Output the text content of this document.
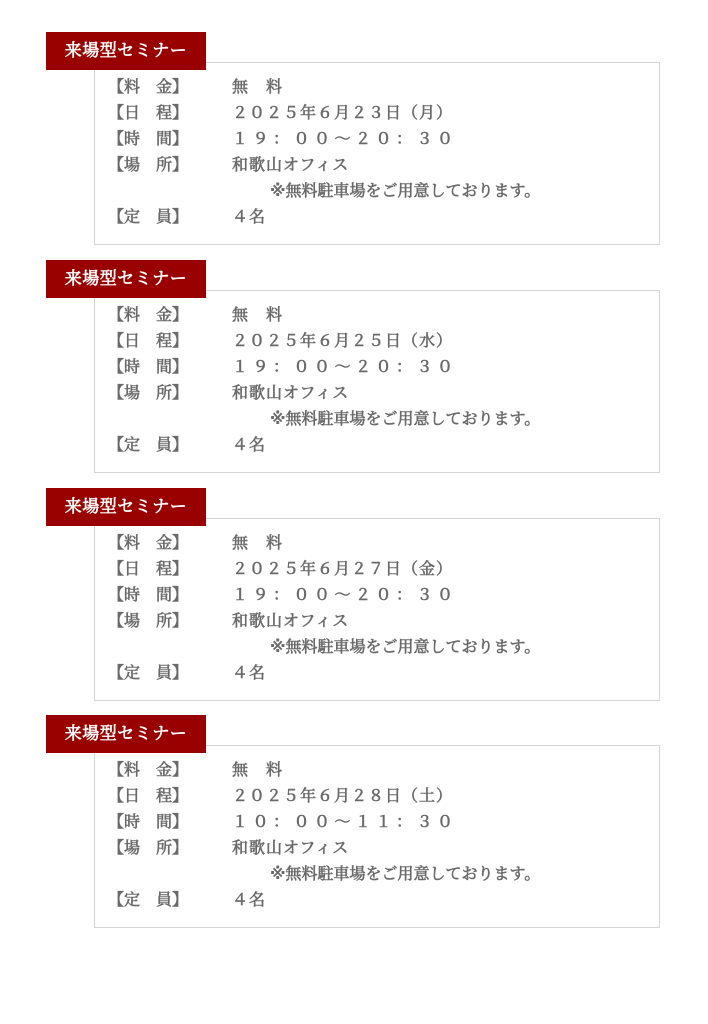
来場型セミナー
【料　金】	無　料
【日　程】	２０２５年６月２３日（月）
【時　間】	１９：００〜２０：３０
【場　所】	和歌山オフィス
※無料駐車場をご用意しております。
【定　員】	４名
来場型セミナー
【料　金】	無　料
【日　程】	２０２５年６月２５日（水）
【時　間】	１９：００〜２０：３０
【場　所】	和歌山オフィス
※無料駐車場をご用意しております。
【定　員】	４名
来場型セミナー
【料　金】	無　料
【日　程】	２０２５年６月２７日（金）
【時　間】	１９：００〜２０：３０
【場　所】	和歌山オフィス
※無料駐車場をご用意しております。
【定　員】	４名
来場型セミナー
【料　金】	無　料
【日　程】	２０２５年６月２８日（土）
【時　間】	１０：００〜１１：３０
【場　所】	和歌山オフィス
※無料駐車場をご用意しております。
【定　員】	４名
